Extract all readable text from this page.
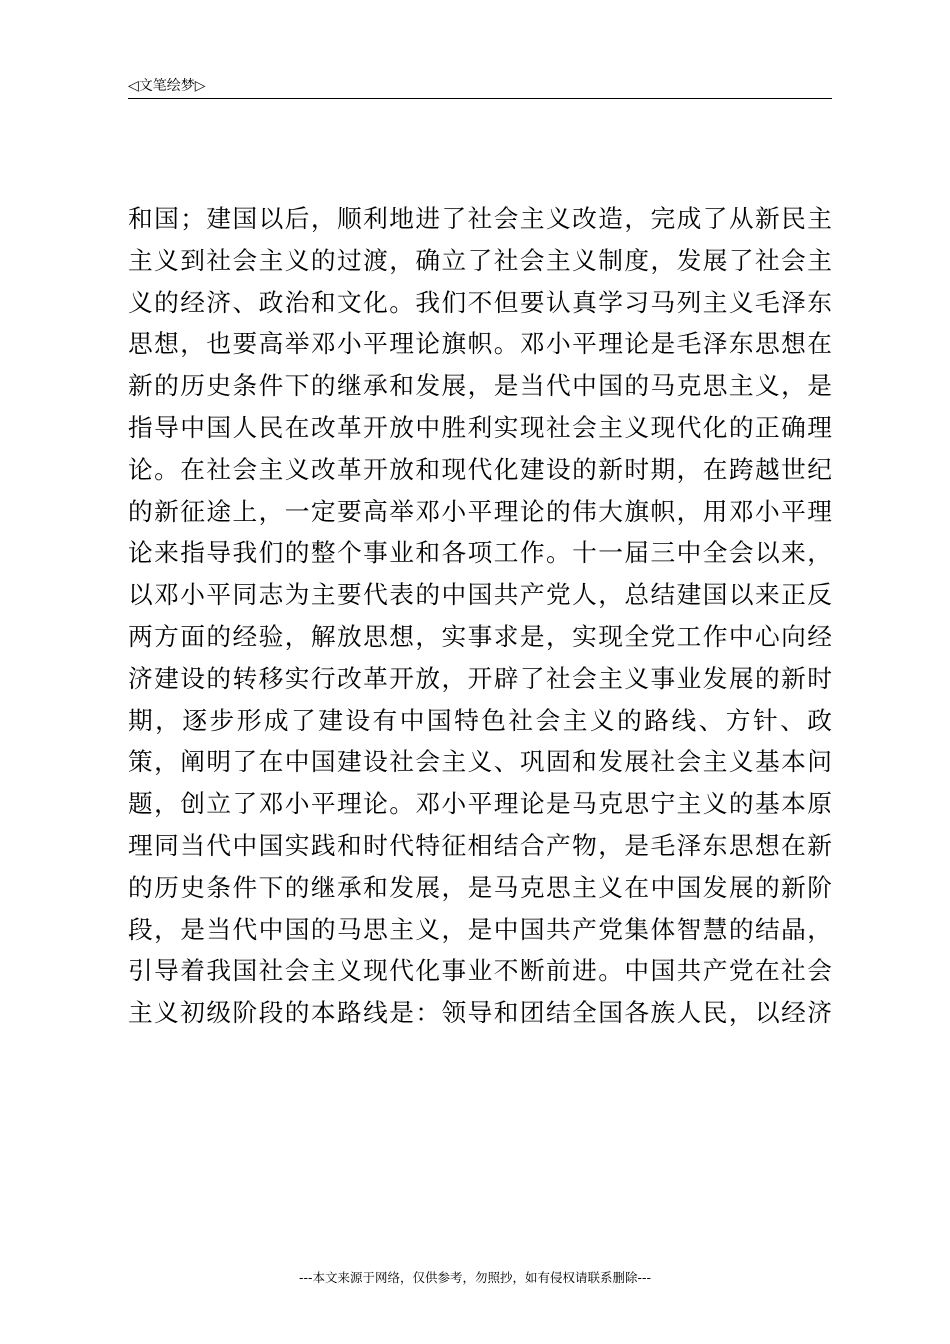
◁文笔绘梦▷
和国；建国以后，顺利地进了社会主义改造，完成了从新民主
主义到社会主义的过渡，确立了社会主义制度，发展了社会主
义的经济、政治和文化。我们不但要认真学习马列主义毛泽东
思想，也要高举邓小平理论旗帜。邓小平理论是毛泽东思想在
新的历史条件下的继承和发展，是当代中国的马克思主义，是
指导中国人民在改革开放中胜利实现社会主义现代化的正确理
论。在社会主义改革开放和现代化建设的新时期，在跨越世纪
的新征途上，一定要高举邓小平理论的伟大旗帜，用邓小平理
论来指导我们的整个事业和各项工作。十一届三中全会以来，
以邓小平同志为主要代表的中国共产党人，总结建国以来正反
两方面的经验，解放思想，实事求是，实现全党工作中心向经
济建设的转移实行改革开放，开辟了社会主义事业发展的新时
期，逐步形成了建设有中国特色社会主义的路线、方针、政
策，阐明了在中国建设社会主义、巩固和发展社会主义基本问
题，创立了邓小平理论。邓小平理论是马克思宁主义的基本原
理同当代中国实践和时代特征相结合产物，是毛泽东思想在新
的历史条件下的继承和发展，是马克思主义在中国发展的新阶
段，是当代中国的马思主义，是中国共产党集体智慧的结晶，
引导着我国社会主义现代化事业不断前进。中国共产党在社会
主义初级阶段的本路线是：领导和团结全国各族人民，以经济
---本文来源于网络，仅供参考，勿照抄，如有侵权请联系删除---
